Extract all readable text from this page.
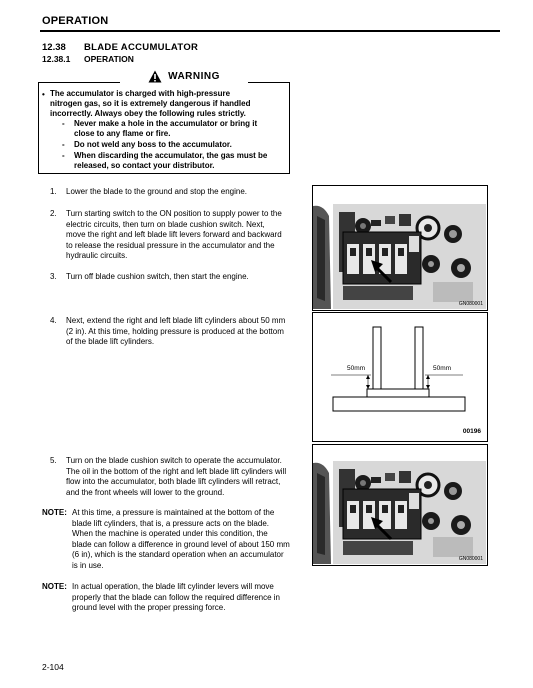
OPERATION
12.38 BLADE ACCUMULATOR
12.38.1 OPERATION
WARNING
• The accumulator is charged with high-pressure
nitrogen gas, so it is extremely dangerous if handled
incorrectly. Always obey the following rules strictly.
- Never make a hole in the accumulator or bring it
close to any flame or fire.
- Do not weld any boss to the accumulator.
- When discarding the accumulator, the gas must be
released, so contact your distributor.
1. Lower the blade to the ground and stop the engine.
2. Turn starting switch to the ON position to supply power to the
electric circuits, then turn on blade cushion switch. Next,
move the right and left blade lift levers forward and backward
to release the residual pressure in the accumulator and the
hydraulic circuits.
3. Turn off blade cushion switch, then start the engine.
4. Next, extend the right and left blade lift cylinders about 50 mm
(2 in). At this time, holding pressure is produced at the bottom
of the blade lift cylinders.
5. Turn on the blade cushion switch to operate the accumulator.
The oil in the bottom of the right and left blade lift cylinders will
flow into the accumulator, both blade lift cylinders will retract,
and the front wheels will lower to the ground.
NOTE: At this time, a pressure is maintained at the bottom of the
blade lift cylinders, that is, a pressure acts on the blade.
When the machine is operated under this condition, the
blade can follow a difference in ground level of about 150 mm
(6 in), which is the standard operation when an accumulator
is in use.
NOTE: In actual operation, the blade lift cylinder levers will move
properly that the blade can follow the required difference in
ground level with the proper pressing force.
GN080001
50mm	50mm
00196
GN080001
2-104
